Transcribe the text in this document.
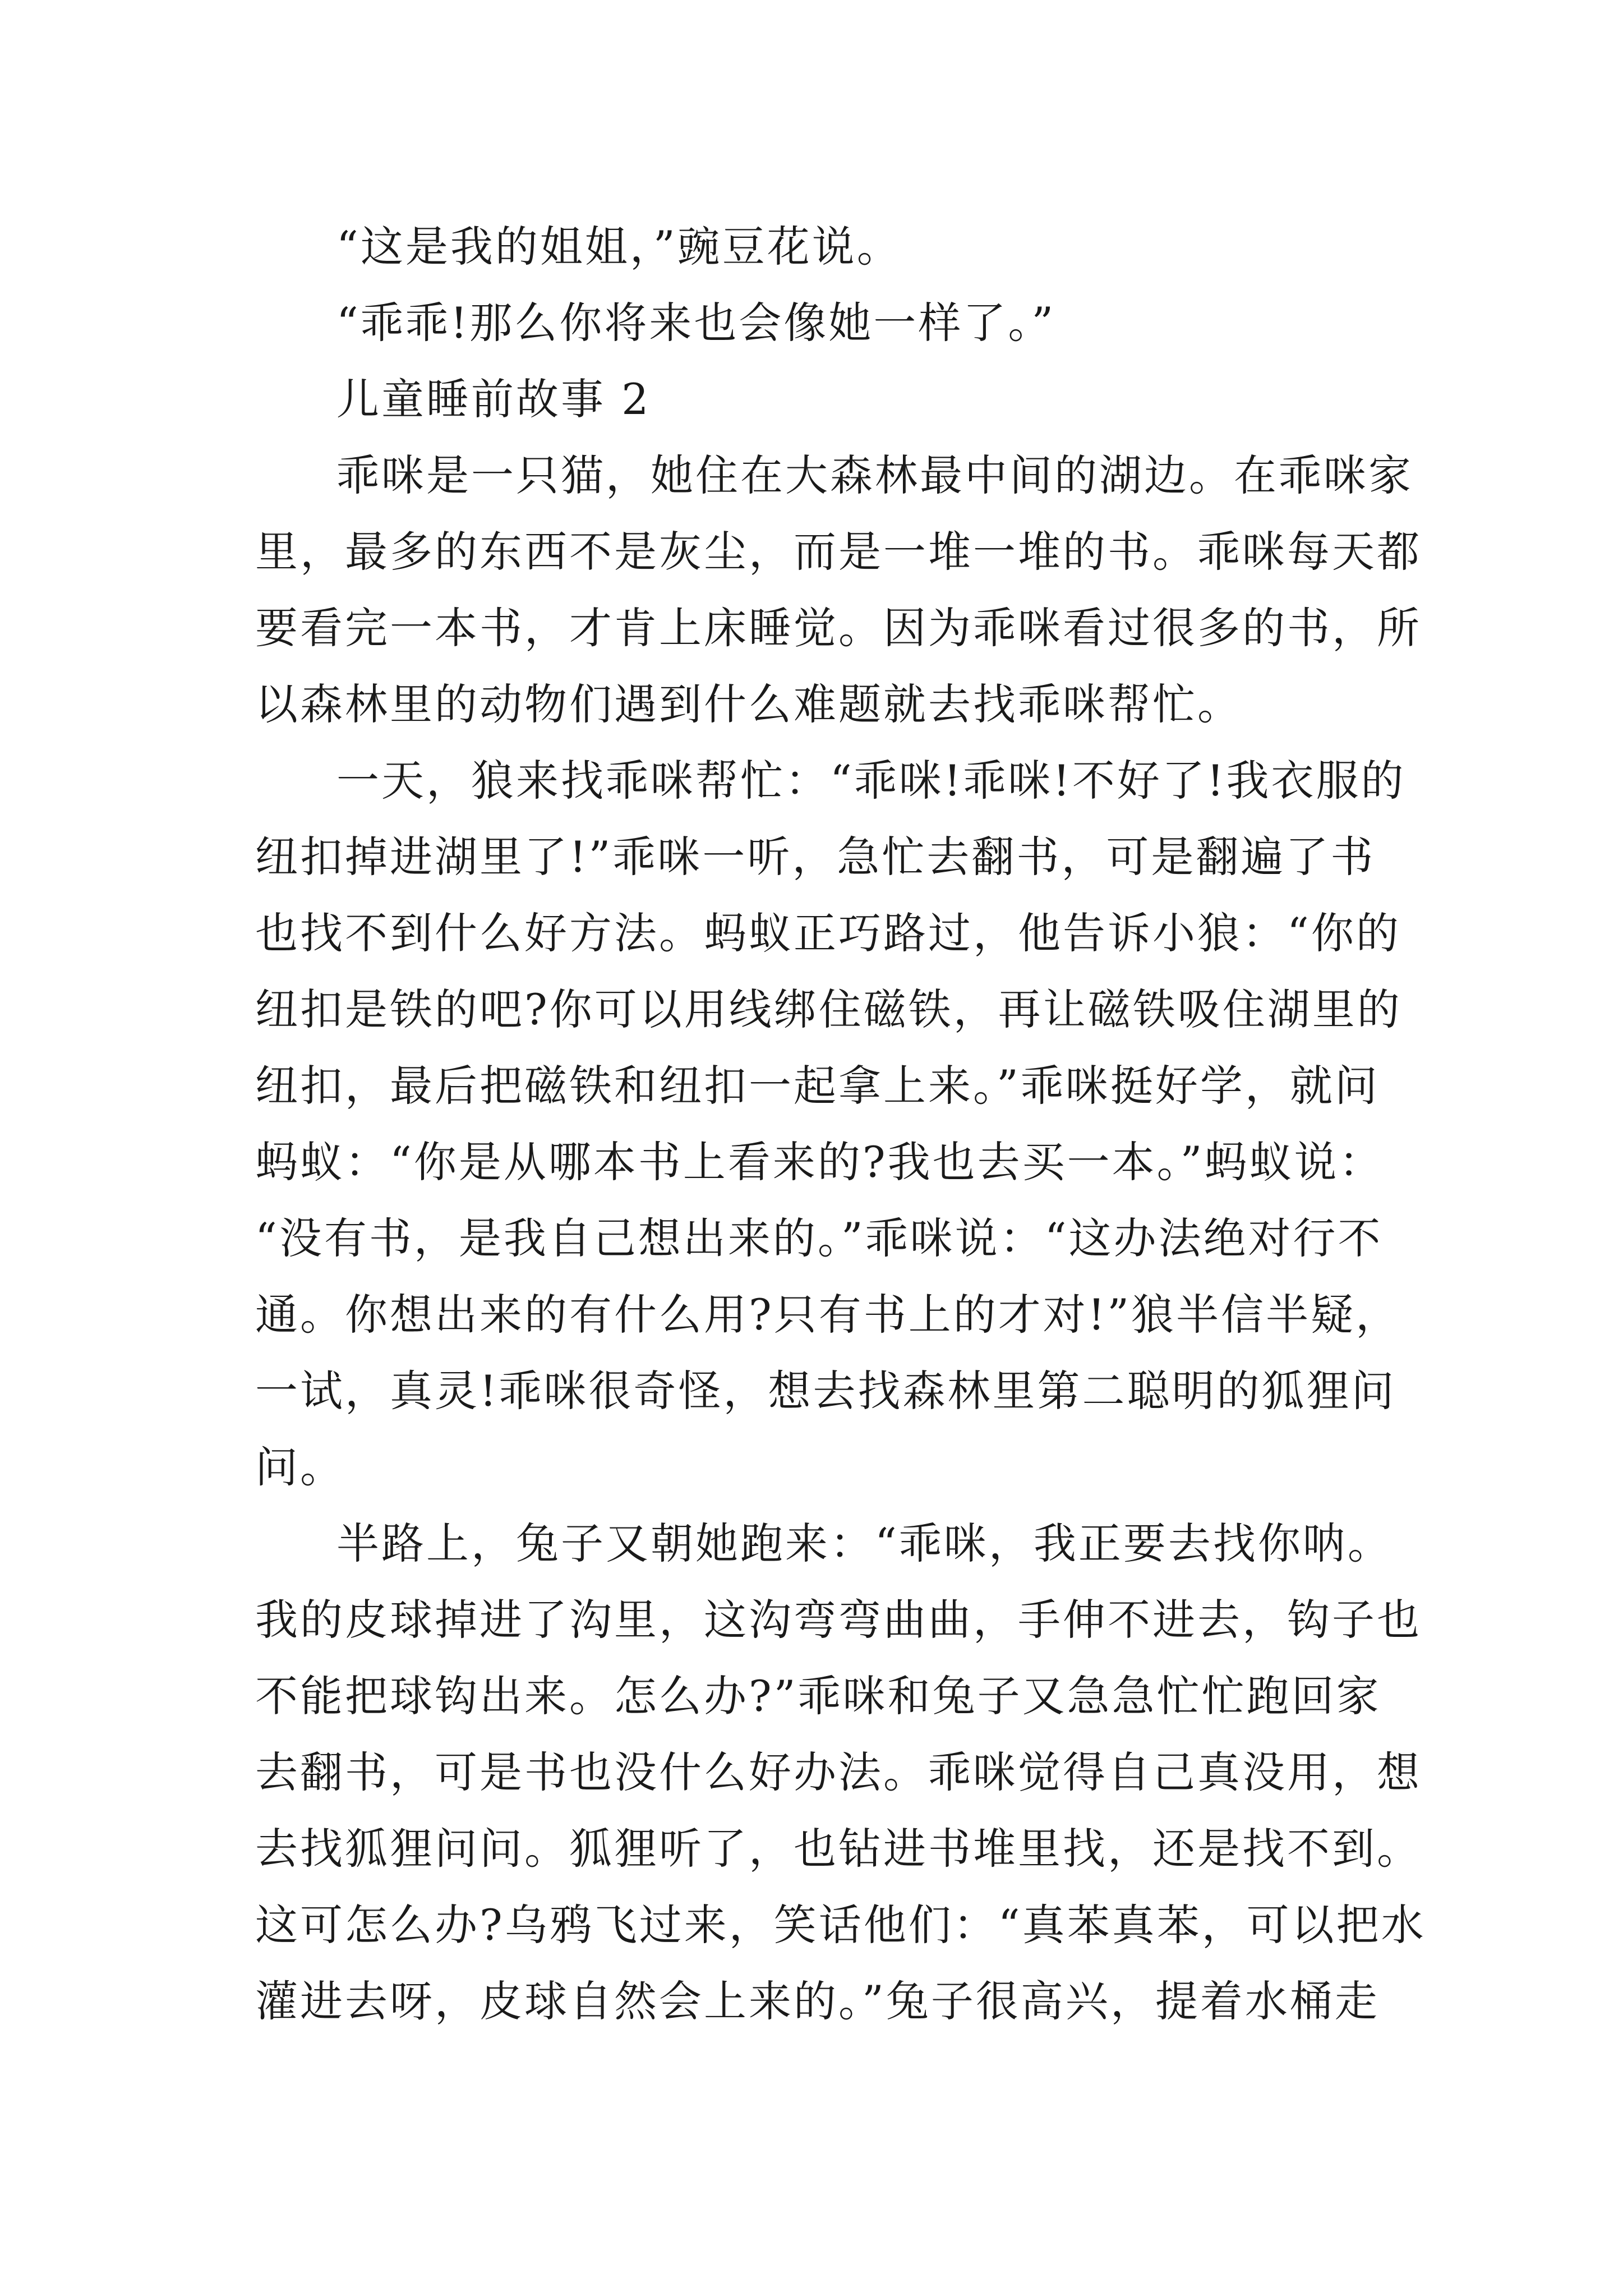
“这是我的姐姐，”豌豆花说。
“乖乖!那么你将来也会像她一样了。”
儿童睡前故事 2
乖咪是一只猫，她住在大森林最中间的湖边。在乖咪家
里，最多的东西不是灰尘，而是一堆一堆的书。乖咪每天都
要看完一本书，才肯上床睡觉。因为乖咪看过很多的书，所
以森林里的动物们遇到什么难题就去找乖咪帮忙。
一天，狼来找乖咪帮忙：“乖咪!乖咪!不好了!我衣服的
纽扣掉进湖里了!”乖咪一听，急忙去翻书，可是翻遍了书
也找不到什么好方法。蚂蚁正巧路过，他告诉小狼：“你的
纽扣是铁的吧?你可以用线绑住磁铁，再让磁铁吸住湖里的
纽扣，最后把磁铁和纽扣一起拿上来。”乖咪挺好学，就问
蚂蚁：“你是从哪本书上看来的?我也去买一本。”蚂蚁说：
“没有书，是我自己想出来的。”乖咪说：“这办法绝对行不
通。你想出来的有什么用?只有书上的才对!”狼半信半疑，
一试，真灵!乖咪很奇怪，想去找森林里第二聪明的狐狸问
问。
半路上，兔子又朝她跑来：“乖咪，我正要去找你呐。
我的皮球掉进了沟里，这沟弯弯曲曲，手伸不进去，钩子也
不能把球钩出来。怎么办?”乖咪和兔子又急急忙忙跑回家
去翻书，可是书也没什么好办法。乖咪觉得自己真没用，想
去找狐狸问问。狐狸听了，也钻进书堆里找，还是找不到。
这可怎么办?乌鸦飞过来，笑话他们：“真苯真苯，可以把水
灌进去呀，皮球自然会上来的。”兔子很高兴，提着水桶走
